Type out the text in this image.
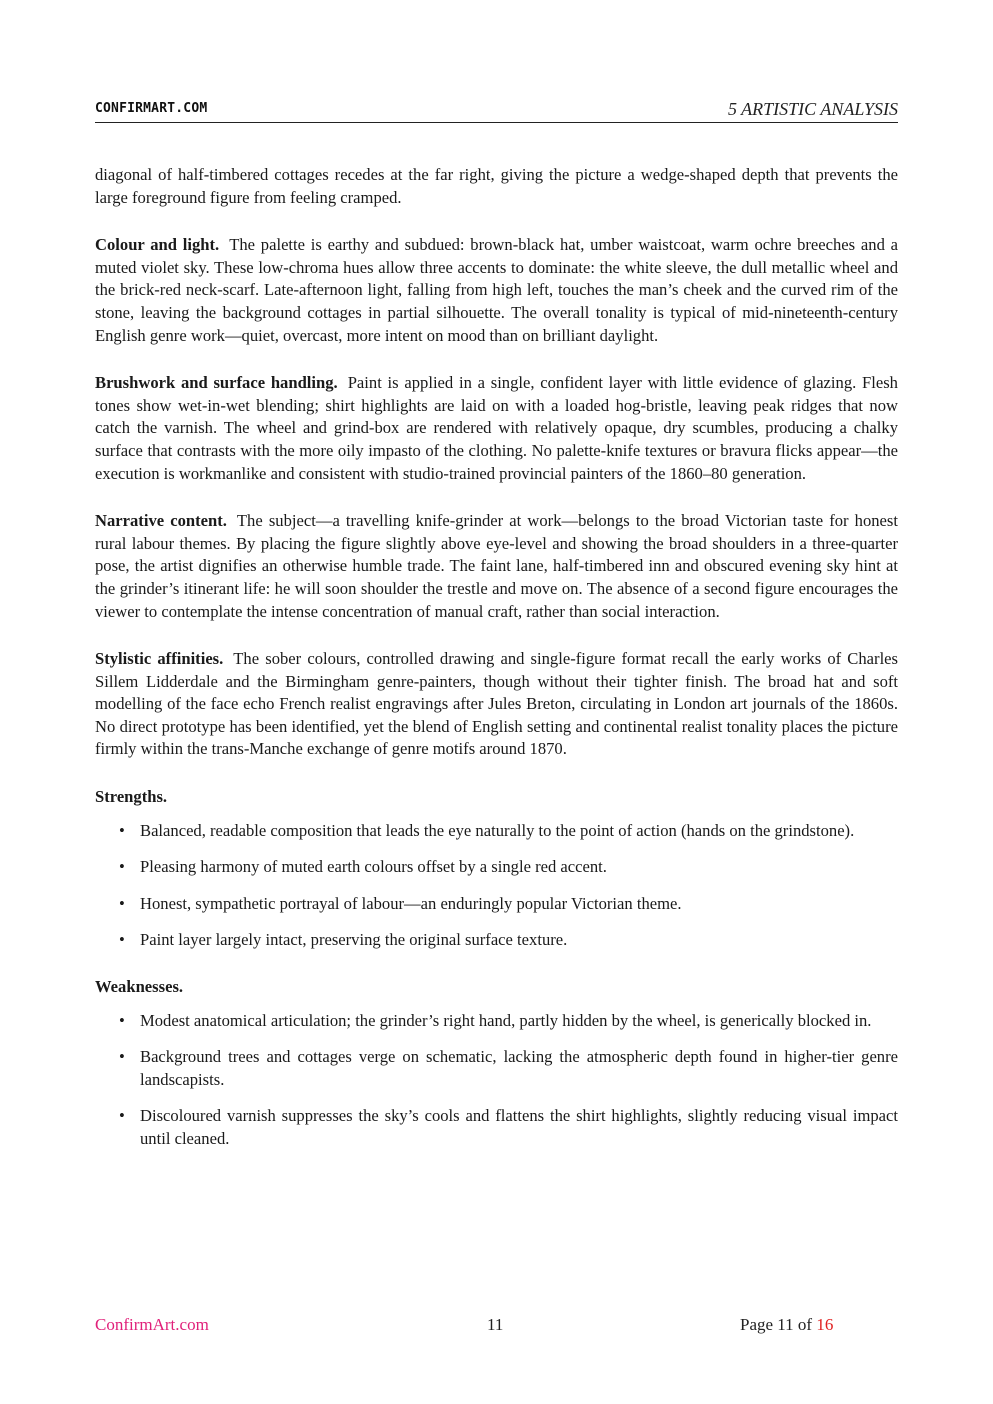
CONFIRMART.COM	5 ARTISTIC ANALYSIS

diagonal of half-timbered cottages recedes at the far right, giving the picture a wedge-shaped depth that prevents the large foreground figure from feeling cramped.

Colour and light. The palette is earthy and subdued: brown-black hat, umber waistcoat, warm ochre breeches and a muted violet sky. These low-chroma hues allow three accents to dominate: the white sleeve, the dull metallic wheel and the brick-red neck-scarf. Late-afternoon light, falling from high left, touches the man’s cheek and the curved rim of the stone, leaving the background cottages in partial silhouette. The overall tonality is typical of mid-nineteenth-century English genre work—quiet, overcast, more intent on mood than on brilliant daylight.

Brushwork and surface handling. Paint is applied in a single, confident layer with little evidence of glazing. Flesh tones show wet-in-wet blending; shirt highlights are laid on with a loaded hog-bristle, leaving peak ridges that now catch the varnish. The wheel and grind-box are rendered with relatively opaque, dry scumbles, producing a chalky surface that contrasts with the more oily impasto of the clothing. No palette-knife textures or bravura flicks appear—the execution is workmanlike and consistent with studio-trained provincial painters of the 1860–80 generation.

Narrative content. The subject—a travelling knife-grinder at work—belongs to the broad Victorian taste for honest rural labour themes. By placing the figure slightly above eye-level and showing the broad shoulders in a three-quarter pose, the artist dignifies an otherwise humble trade. The faint lane, half-timbered inn and obscured evening sky hint at the grinder’s itinerant life: he will soon shoulder the trestle and move on. The absence of a second figure encourages the viewer to contemplate the intense concentration of manual craft, rather than social interaction.

Stylistic affinities. The sober colours, controlled drawing and single-figure format recall the early works of Charles Sillem Lidderdale and the Birmingham genre-painters, though without their tighter finish. The broad hat and soft modelling of the face echo French realist engravings after Jules Breton, circulating in London art journals of the 1860s. No direct prototype has been identified, yet the blend of English setting and continental realist tonality places the picture firmly within the trans-Manche exchange of genre motifs around 1870.

Strengths.
• Balanced, readable composition that leads the eye naturally to the point of action (hands on the grindstone).
• Pleasing harmony of muted earth colours offset by a single red accent.
• Honest, sympathetic portrayal of labour—an enduringly popular Victorian theme.
• Paint layer largely intact, preserving the original surface texture.
Weaknesses.
• Modest anatomical articulation; the grinder’s right hand, partly hidden by the wheel, is generically blocked in.
• Background trees and cottages verge on schematic, lacking the atmospheric depth found in higher-tier genre landscapists.
• Discoloured varnish suppresses the sky’s cools and flattens the shirt highlights, slightly reducing visual impact until cleaned.
ConfirmArt.com	11	Page 11 of 16
